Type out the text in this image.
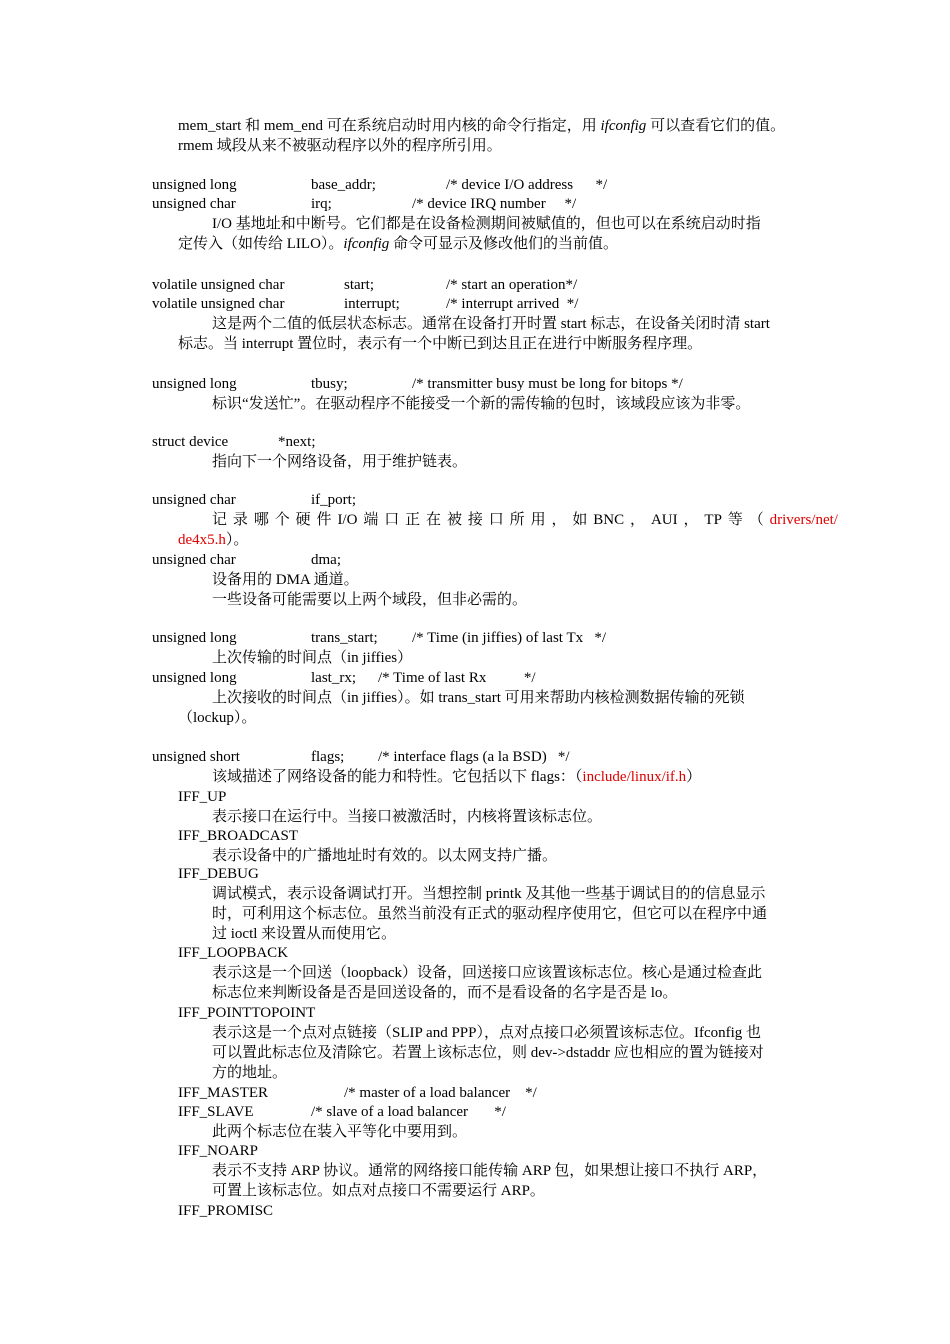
mem_start 和 mem_end 可在系统启动时用内核的命令行指定，用 ifconfig 可以查看它们的值。
rmem 域段从来不被驱动程序以外的程序所引用。
unsigned long	base_addr;	/* device I/O address      */
unsigned char	irq;	/* device IRQ number     */
I/O 基地址和中断号。它们都是在设备检测期间被赋值的，但也可以在系统启动时指
定传入（如传给 LILO）。ifconfig 命令可显示及修改他们的当前值。
volatile unsigned char	start;	/* start an operation*/
volatile unsigned char	interrupt;	/* interrupt arrived  */
这是两个二值的低层状态标志。通常在设备打开时置 start 标志，在设备关闭时清 start
标志。当 interrupt 置位时，表示有一个中断已到达且正在进行中断服务程序理。
unsigned long	tbusy;	/* transmitter busy must be long for bitops */
标识“发送忙”。在驱动程序不能接受一个新的需传输的包时，该域段应该为非零。
struct device	*next;
指向下一个网络设备，用于维护链表。
unsigned char	if_port;
记 录 哪 个 硬 件 I/O 端 口 正 在 被 接 口 所 用 ， 如 BNC ， AUI ， TP 等 （ drivers/net/
de4x5.h）。
unsigned char	dma;
设备用的 DMA 通道。
一些设备可能需要以上两个域段，但非必需的。
unsigned long	trans_start; /* Time (in jiffies) of last Tx   */
上次传输的时间点（in jiffies）
unsigned long	last_rx; /* Time of last Rx          */
上次接收的时间点（in jiffies）。如 trans_start 可用来帮助内核检测数据传输的死锁
（lockup）。
unsigned short	flags; /* interface flags (a la BSD)   */
该域描述了网络设备的能力和特性。它包括以下 flags：（include/linux/if.h）
IFF_UP
表示接口在运行中。当接口被激活时，内核将置该标志位。
IFF_BROADCAST
表示设备中的广播地址时有效的。以太网支持广播。
IFF_DEBUG
调试模式，表示设备调试打开。当想控制 printk 及其他一些基于调试目的的信息显示
时，可利用这个标志位。虽然当前没有正式的驱动程序使用它，但它可以在程序中通
过 ioctl 来设置从而使用它。
IFF_LOOPBACK
表示这是一个回送（loopback）设备，回送接口应该置该标志位。核心是通过检查此
标志位来判断设备是否是回送设备的，而不是看设备的名字是否是 lo。
IFF_POINTTOPOINT
表示这是一个点对点链接（SLIP and PPP），点对点接口必须置该标志位。Ifconfig 也
可以置此标志位及清除它。若置上该标志位，则 dev->dstaddr 应也相应的置为链接对
方的地址。
IFF_MASTER	/* master of a load balancer    */
IFF_SLAVE	/* slave of a load balancer       */
此两个标志位在装入平等化中要用到。
IFF_NOARP
表示不支持 ARP 协议。通常的网络接口能传输 ARP 包，如果想让接口不执行 ARP，
可置上该标志位。如点对点接口不需要运行 ARP。
IFF_PROMISC
